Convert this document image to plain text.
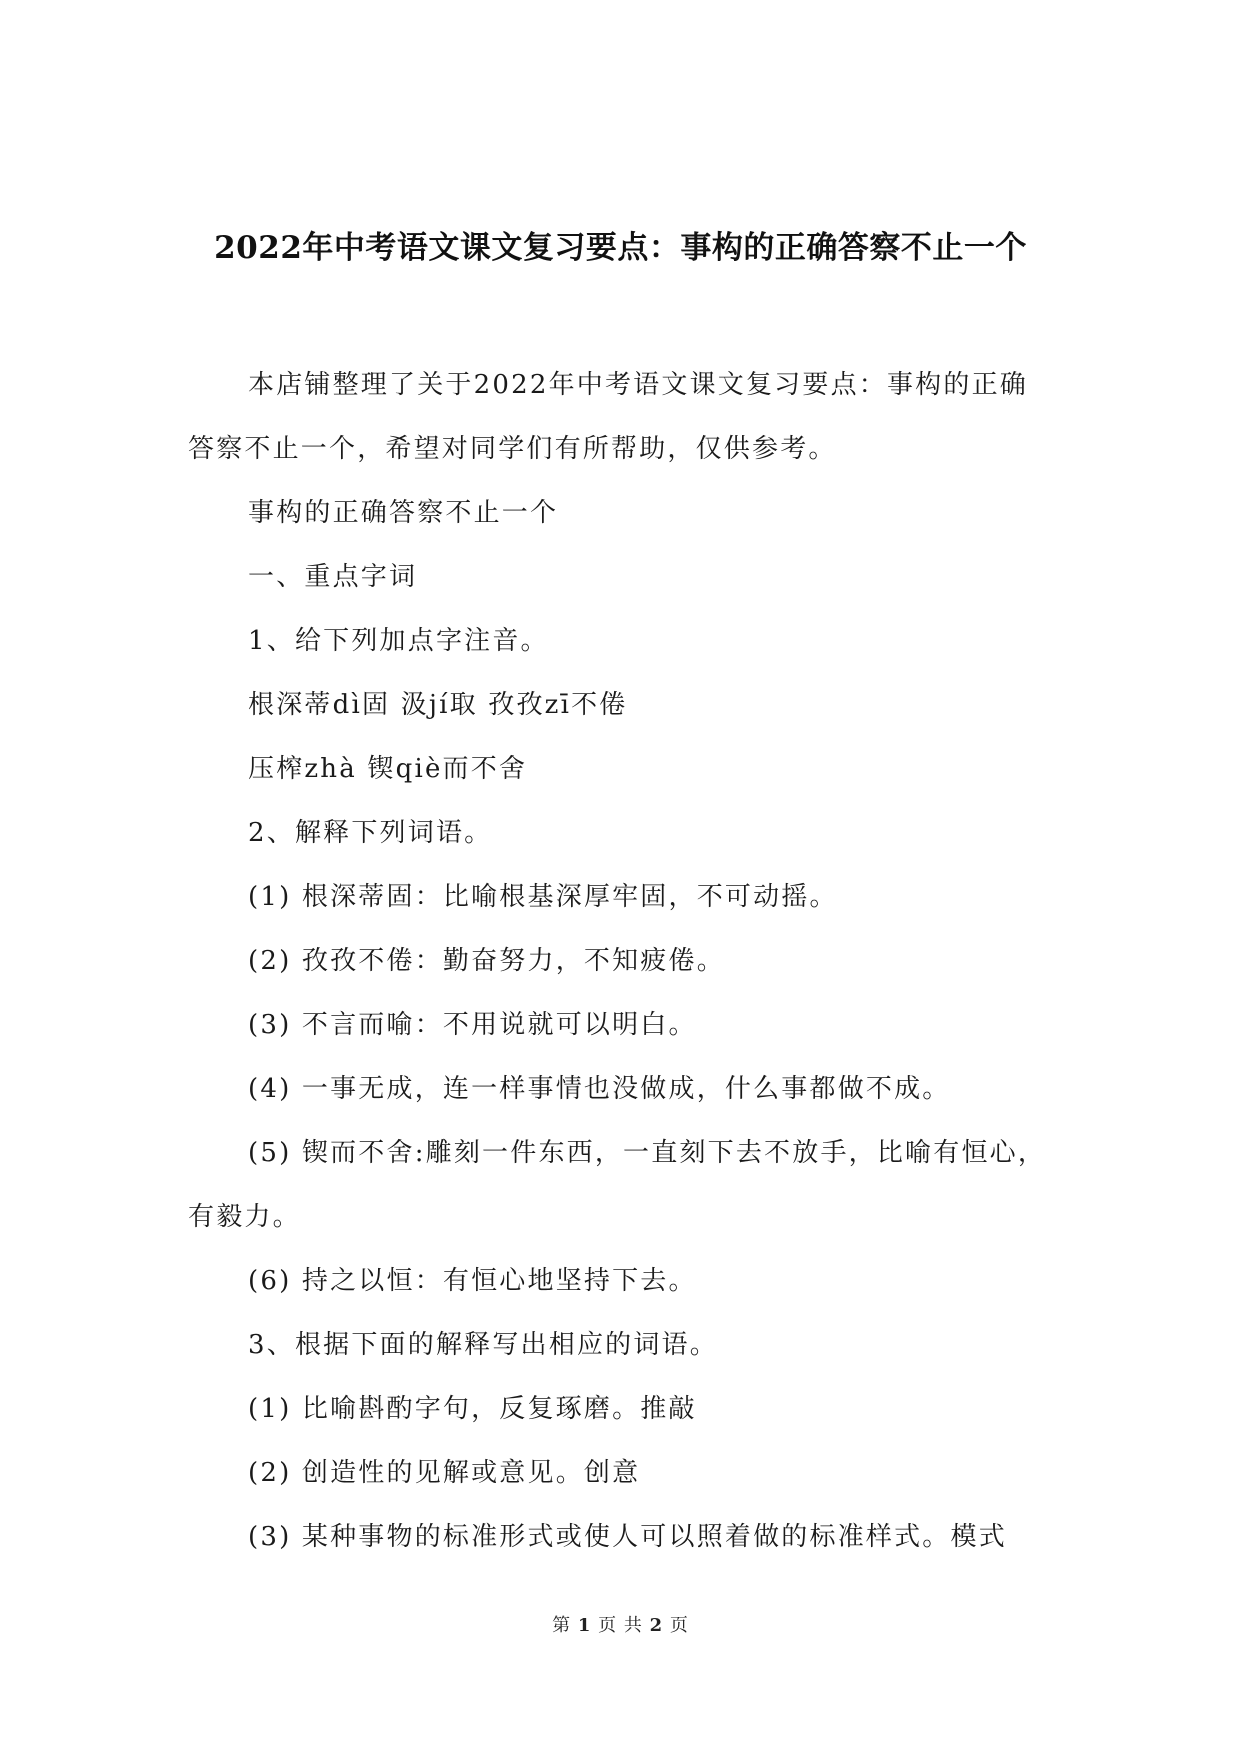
2022年中考语文课文复习要点：事构的正确答察不止一个

本店铺整理了关于2022年中考语文课文复习要点：事构的正确答察不止一个，希望对同学们有所帮助，仅供参考。

事构的正确答察不止一个

一、重点字词

1、给下列加点字注音。

根深蒂dì固 汲jí取 孜孜zī不倦

压榨zhà 锲qiè而不舍

2、解释下列词语。

(1) 根深蒂固：比喻根基深厚牢固，不可动摇。

(2) 孜孜不倦：勤奋努力，不知疲倦。

(3) 不言而喻：不用说就可以明白。

(4) 一事无成，连一样事情也没做成，什么事都做不成。

(5) 锲而不舍:雕刻一件东西，一直刻下去不放手，比喻有恒心，有毅力。

(6) 持之以恒：有恒心地坚持下去。

3、根据下面的解释写出相应的词语。

(1) 比喻斟酌字句，反复琢磨。推敲

(2) 创造性的见解或意见。创意

(3) 某种事物的标准形式或使人可以照着做的标准样式。模式

第 1 页 共 2 页
